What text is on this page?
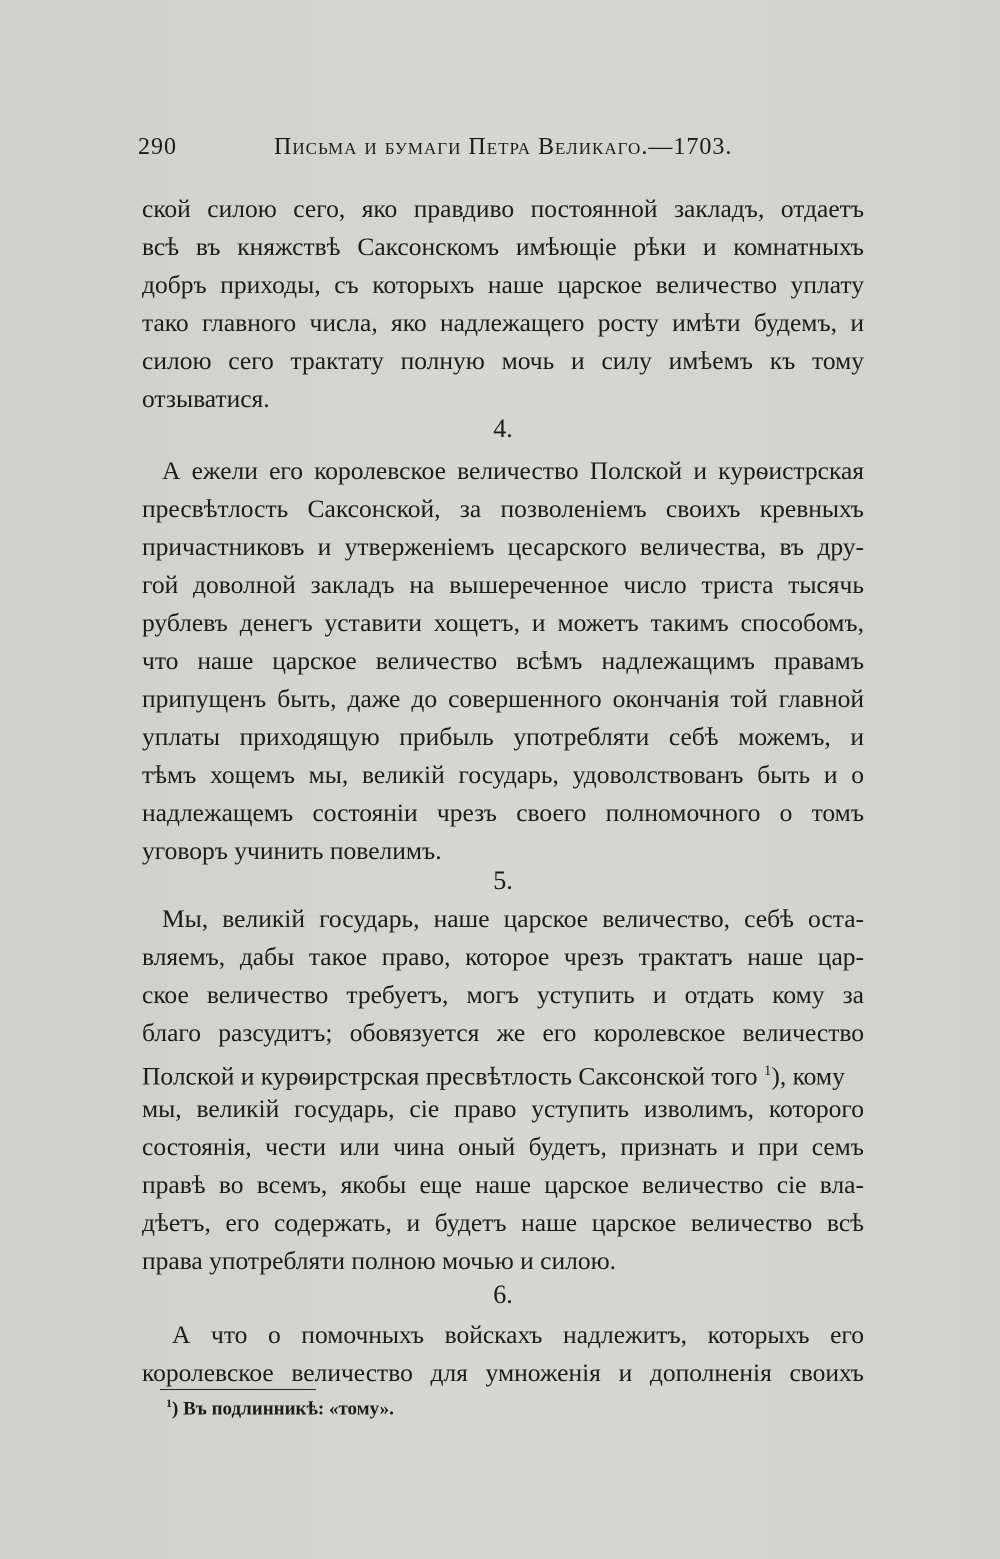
290	Письма и бумаги Петра Великаго.—1703.
ской силою сего, яко правдиво постоянной закладъ, отдаетъ
всѣ въ княжствѣ Саксонскомъ имѣющіе рѣки и комнатныхъ
добръ приходы, съ которыхъ наше царское величество уплату
тако главного числа, яко надлежащего росту имѣти будемъ, и
силою сего трактату полную мочь и силу имѣемъ къ тому
отзыватися.
4.
А ежели его королевское величество Полской и курѳистрская
пресвѣтлость Саксонской, за позволеніемъ своихъ кревныхъ
причастниковъ и утверженіемъ цесарского величества, въ дру-
гой доволной закладъ на вышереченное число триста тысячь
рублевъ денегъ уставити хощетъ, и можетъ такимъ способомъ,
что наше царское величество всѣмъ надлежащимъ правамъ
припущенъ быть, даже до совершенного окончанія той главной
уплаты приходящую прибыль употребляти себѣ можемъ, и
тѣмъ хощемъ мы, великій государь, удоволствованъ быть и о
надлежащемъ состояніи чрезъ своего полномочного о томъ
уговоръ учинить повелимъ.
5.
Мы, великій государь, наше царское величество, себѣ оста-
вляемъ, дабы такое право, которое чрезъ трактатъ наше цар-
ское величество требуетъ, могъ уступить и отдать кому за
благо разсудитъ; обовязуется же его королевское величество
Полской и курѳирстрская пресвѣтлость Саксонской того $^1$), кому
мы, великій государь, сіе право уступить изволимъ, которого
состоянія, чести или чина оный будетъ, признать и при семъ
правѣ во всемъ, якобы еще наше царское величество сіе вла-
дѣетъ, его содержать, и будетъ наше царское величество всѣ
права употребляти полною мочью и силою.
6.
А что о помочныхъ войскахъ надлежитъ, которыхъ его
королевское величество для умноженія и дополненія своихъ
$^1$) Въ подлинникѣ: «тому».
